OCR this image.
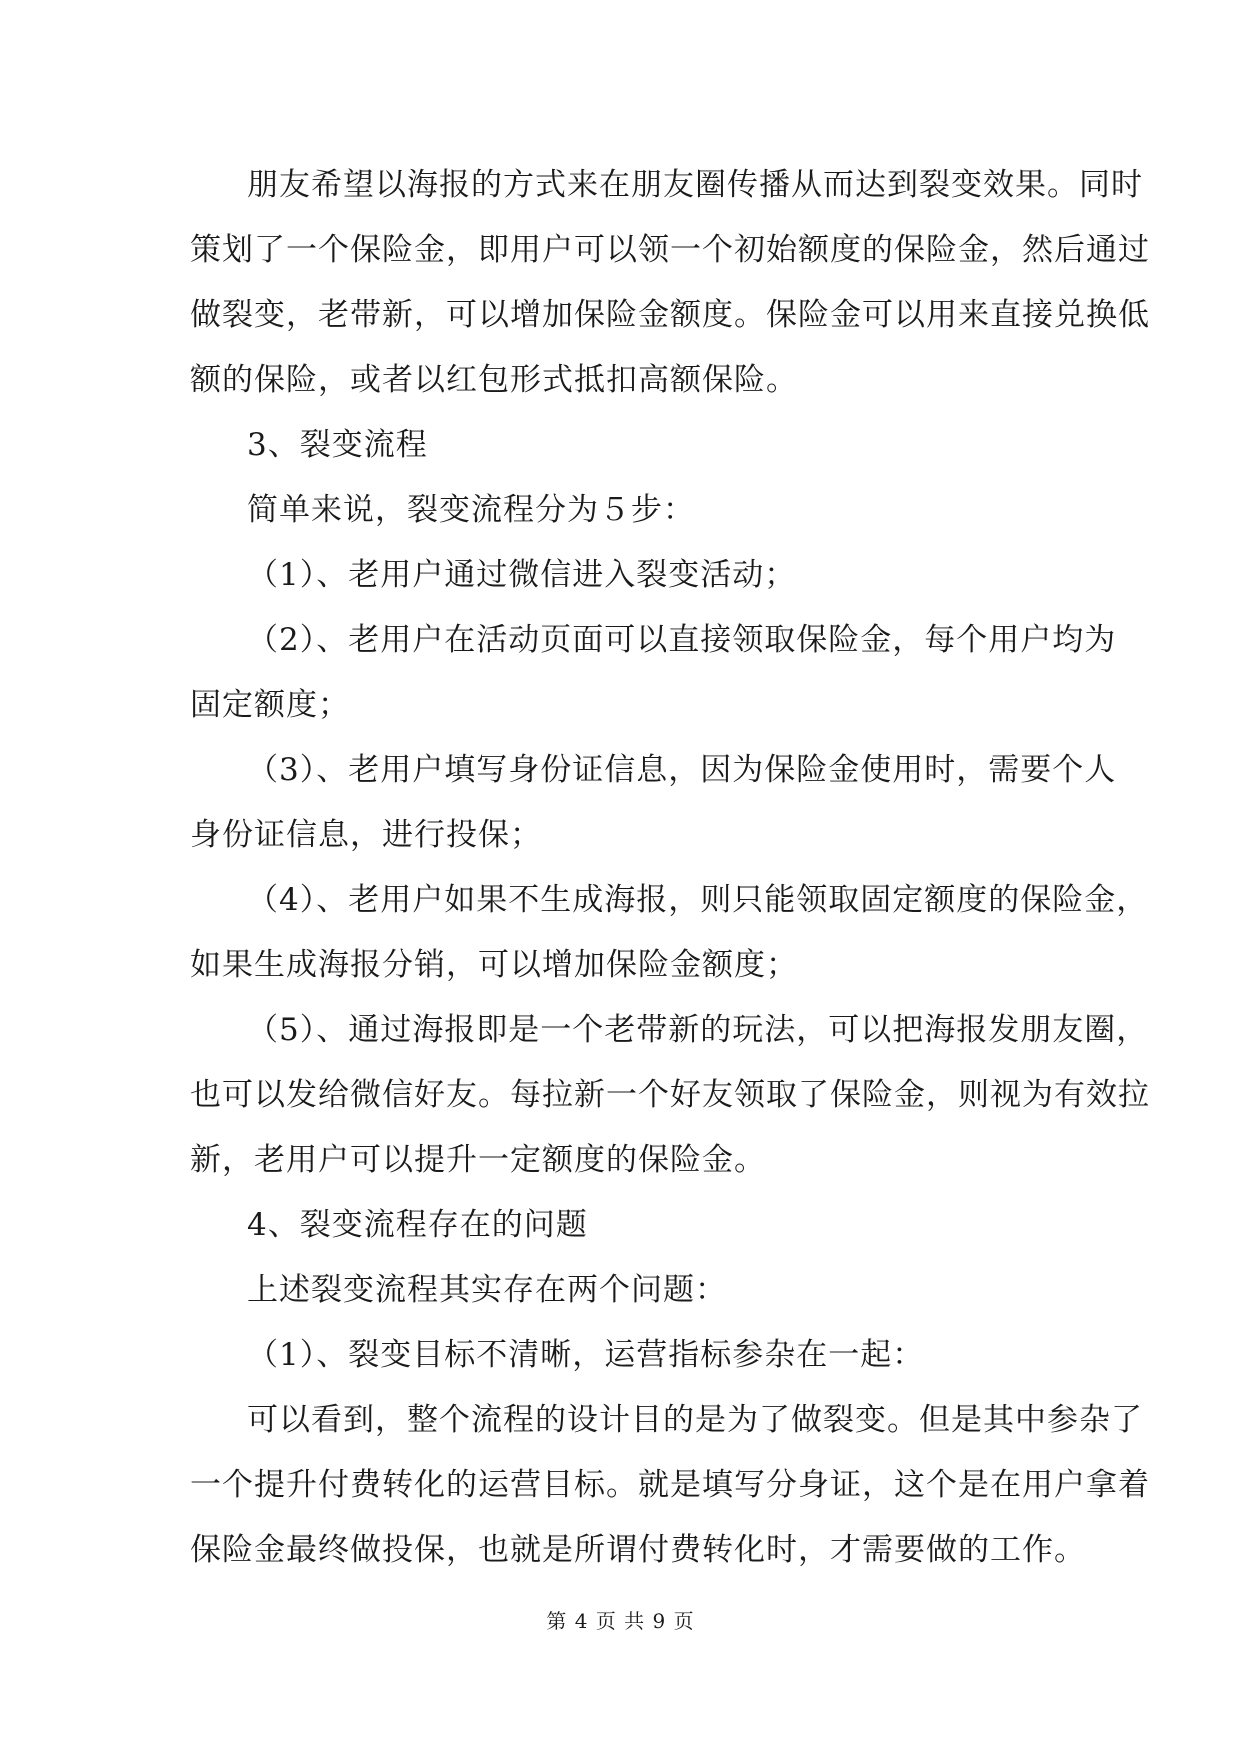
朋友希望以海报的方式来在朋友圈传播从而达到裂变效果。同时
策划了一个保险金，即用户可以领一个初始额度的保险金，然后通过
做裂变，老带新，可以增加保险金额度。保险金可以用来直接兑换低
额的保险，或者以红包形式抵扣高额保险。
3、裂变流程
简单来说，裂变流程分为５步：
（1）、老用户通过微信进入裂变活动；
（2）、老用户在活动页面可以直接领取保险金，每个用户均为
固定额度；
（3）、老用户填写身份证信息，因为保险金使用时，需要个人
身份证信息，进行投保；
（4）、老用户如果不生成海报，则只能领取固定额度的保险金，
如果生成海报分销，可以增加保险金额度；
（5）、通过海报即是一个老带新的玩法，可以把海报发朋友圈，
也可以发给微信好友。每拉新一个好友领取了保险金，则视为有效拉
新，老用户可以提升一定额度的保险金。
4、裂变流程存在的问题
上述裂变流程其实存在两个问题：
（1）、裂变目标不清晰，运营指标参杂在一起：
可以看到，整个流程的设计目的是为了做裂变。但是其中参杂了
一个提升付费转化的运营目标。就是填写分身证，这个是在用户拿着
保险金最终做投保，也就是所谓付费转化时，才需要做的工作。
第 4 页 共 9 页
